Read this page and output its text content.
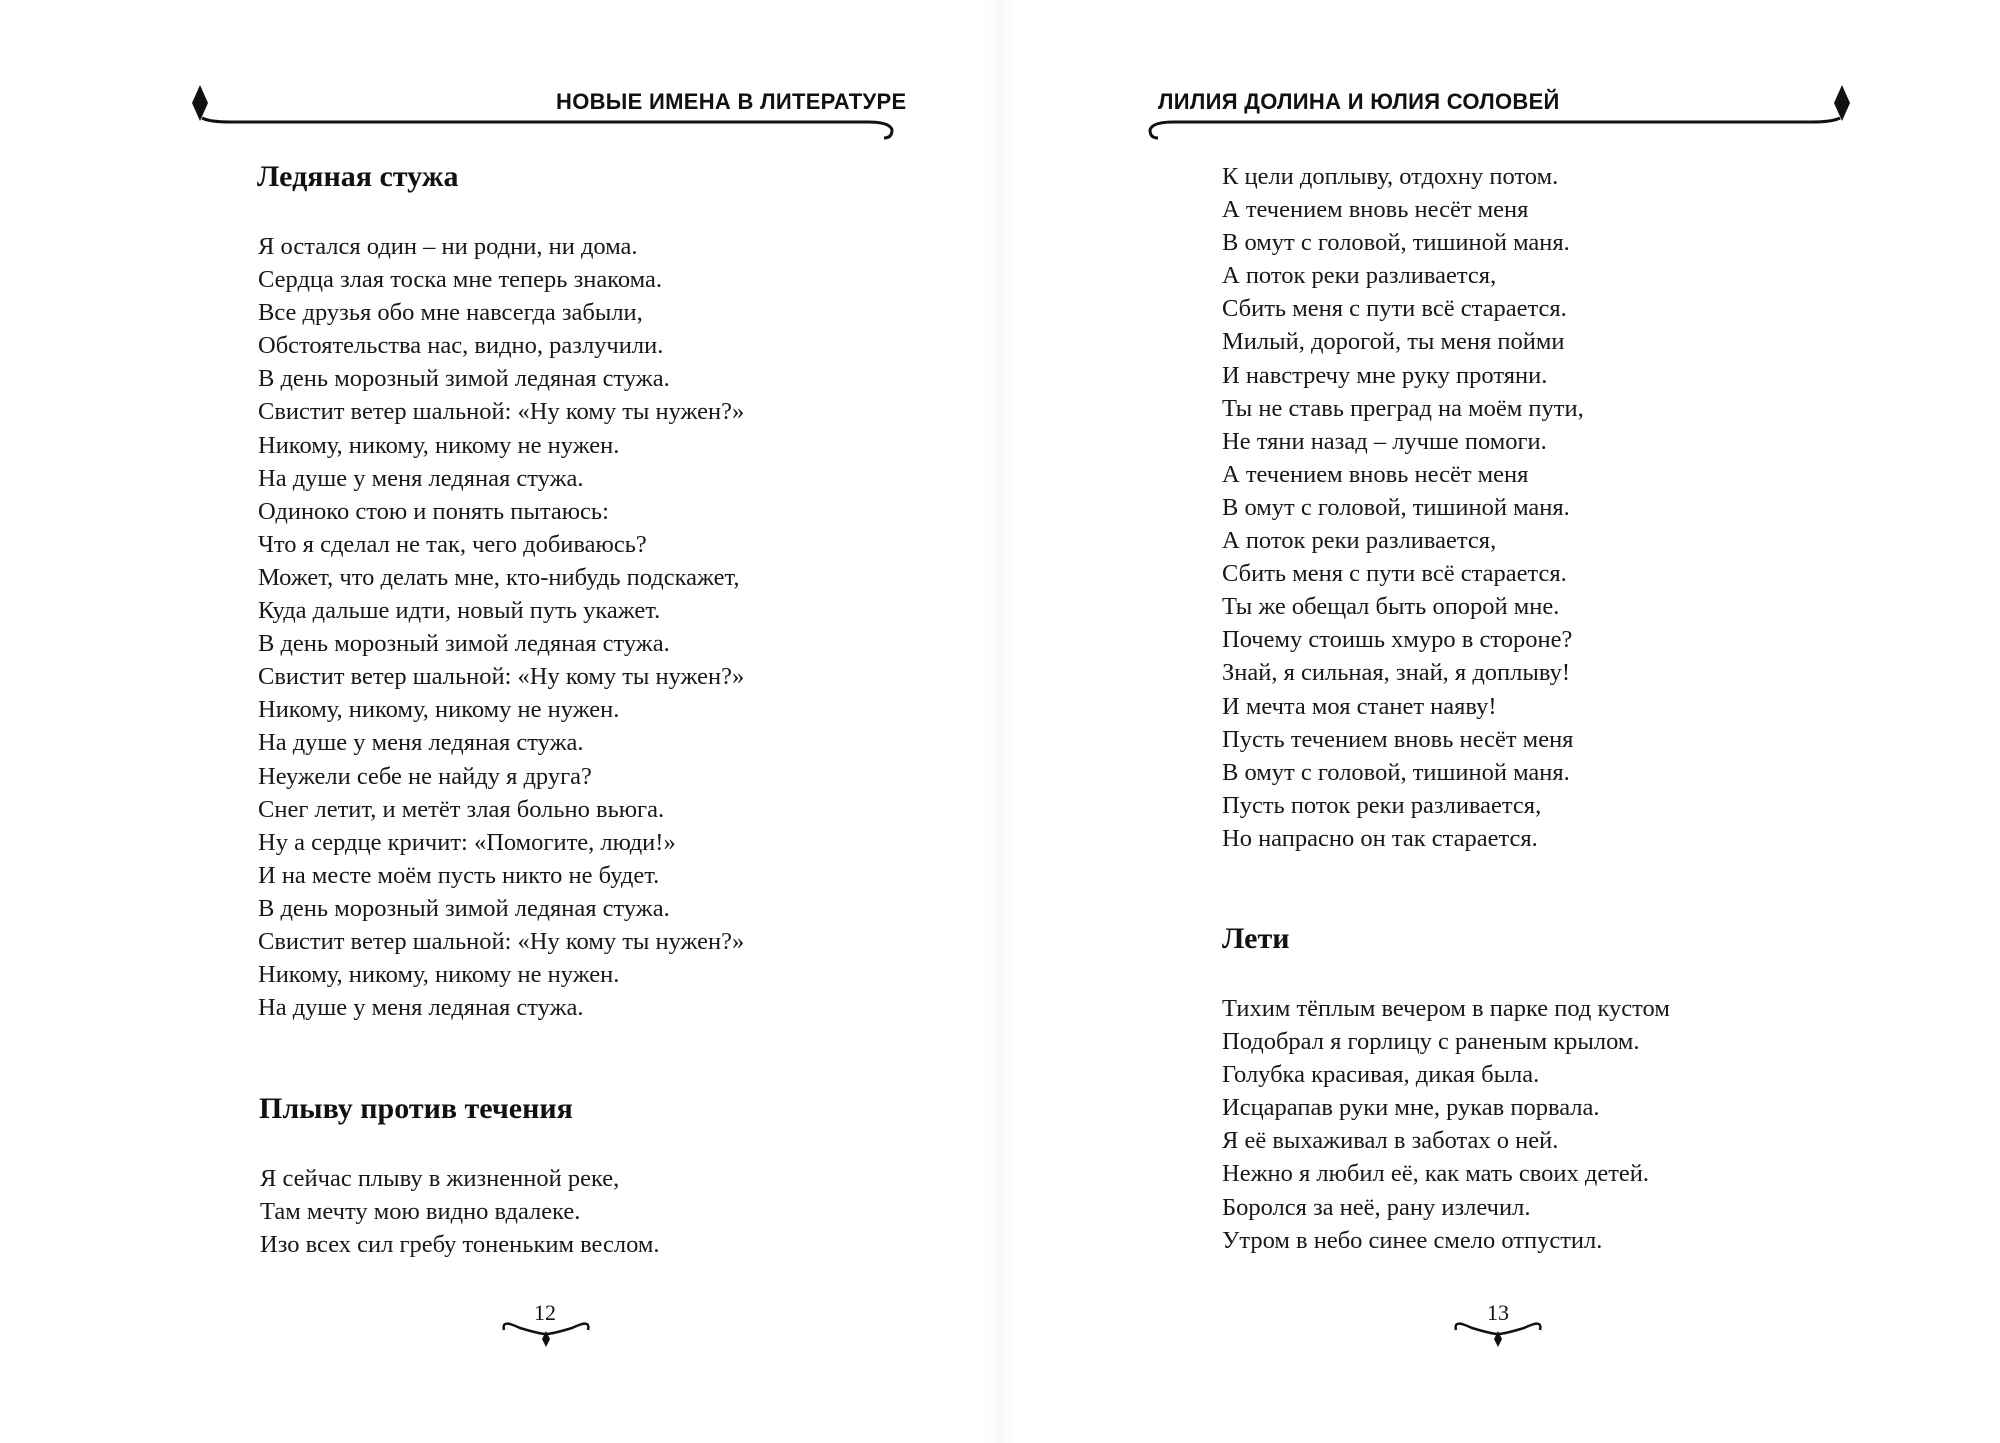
НОВЫЕ ИМЕНА В ЛИТЕРАТУРЕ
Ледяная стужа
Я остался один – ни родни, ни дома.
Сердца злая тоска мне теперь знакома.
Все друзья обо мне навсегда забыли,
Обстоятельства нас, видно, разлучили.
В день морозный зимой ледяная стужа.
Свистит ветер шальной: «Ну кому ты нужен?»
Никому, никому, никому не нужен.
На душе у меня ледяная стужа.
Одиноко стою и понять пытаюсь:
Что я сделал не так, чего добиваюсь?
Может, что делать мне, кто-нибудь подскажет,
Куда дальше идти, новый путь укажет.
В день морозный зимой ледяная стужа.
Свистит ветер шальной: «Ну кому ты нужен?»
Никому, никому, никому не нужен.
На душе у меня ледяная стужа.
Неужели себе не найду я друга?
Снег летит, и метёт злая больно вьюга.
Ну а сердце кричит: «Помогите, люди!»
И на месте моём пусть никто не будет.
В день морозный зимой ледяная стужа.
Свистит ветер шальной: «Ну кому ты нужен?»
Никому, никому, никому не нужен.
На душе у меня ледяная стужа.
Плыву против течения
Я сейчас плыву в жизненной реке,
Там мечту мою видно вдалеке.
Изо всех сил гребу тоненьким веслом.
12
ЛИЛИЯ ДОЛИНА И ЮЛИЯ СОЛОВЕЙ
К цели доплыву, отдохну потом.
А течением вновь несёт меня
В омут с головой, тишиной маня.
А поток реки разливается,
Сбить меня с пути всё старается.
Милый, дорогой, ты меня пойми
И навстречу мне руку протяни.
Ты не ставь преград на моём пути,
Не тяни назад – лучше помоги.
А течением вновь несёт меня
В омут с головой, тишиной маня.
А поток реки разливается,
Сбить меня с пути всё старается.
Ты же обещал быть опорой мне.
Почему стоишь хмуро в стороне?
Знай, я сильная, знай, я доплыву!
И мечта моя станет наяву!
Пусть течением вновь несёт меня
В омут с головой, тишиной маня.
Пусть поток реки разливается,
Но напрасно он так старается.
Лети
Тихим тёплым вечером в парке под кустом
Подобрал я горлицу с раненым крылом.
Голубка красивая, дикая была.
Исцарапав руки мне, рукав порвала.
Я её выхаживал в заботах о ней.
Нежно я любил её, как мать своих детей.
Боролся за неё, рану излечил.
Утром в небо синее смело отпустил.
13
